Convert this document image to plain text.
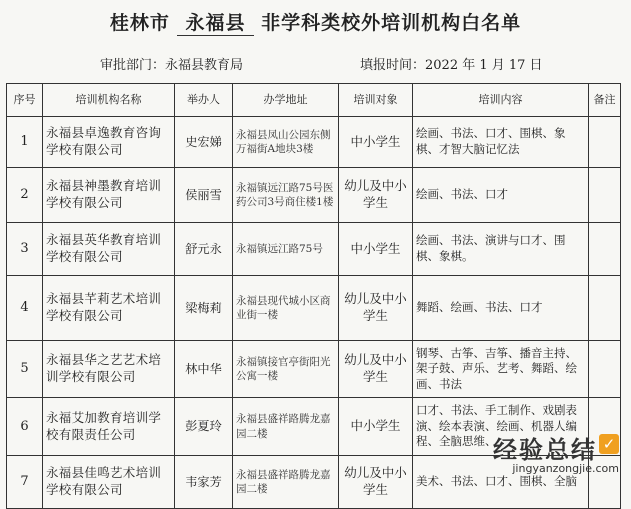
桂林市 永福县 非学科类校外培训机构白名单
审批部门：永福县教育局	填报时间：2022 年 1 月 17 日
序号	培训机构名称	举办人	办学地址	培训对象	培训内容	备注
1	永福县卓逸教育咨询学校有限公司	史宏娣	永福县凤山公园东侧万福街A地块3楼	中小学生	绘画、书法、口才、围棋、象棋、才智大脑记忆法	
2	永福县神墨教育培训学校有限公司	侯丽雪	永福镇远江路75号医药公司3号商住楼1楼	幼儿及中小学生	绘画、书法、口才	
3	永福县英华教育培训学校有限公司	舒元永	永福镇远江路75号	中小学生	绘画、书法、演讲与口才、围棋、象棋。	
4	永福县芊莉艺术培训学校有限公司	梁梅莉	永福县现代城小区商业街一楼	幼儿及中小学生	舞蹈、绘画、书法、口才	
5	永福县华之艺艺术培训学校有限公司	林中华	永福镇接官亭街阳光公寓一楼	幼儿及中小学生	钢琴、古筝、吉筝、播音主持、架子鼓、声乐、艺考、舞蹈、绘画、书法	
6	永福艾加教育培训学校有限责任公司	彭夏玲	永福县盛祥路腾龙嘉园二楼	中小学生	口才、书法、手工制作、戏剧表演、绘本表演、绘画、机器人编程、全脑思维、	
7	永福县佳鸣艺术培训学校有限公司	韦家芳	永福县盛祥路腾龙嘉园二楼	幼儿及中小学生	美术、书法、口才、围棋、全脑	
经验总结 ✓
jingyanzongjie.com
